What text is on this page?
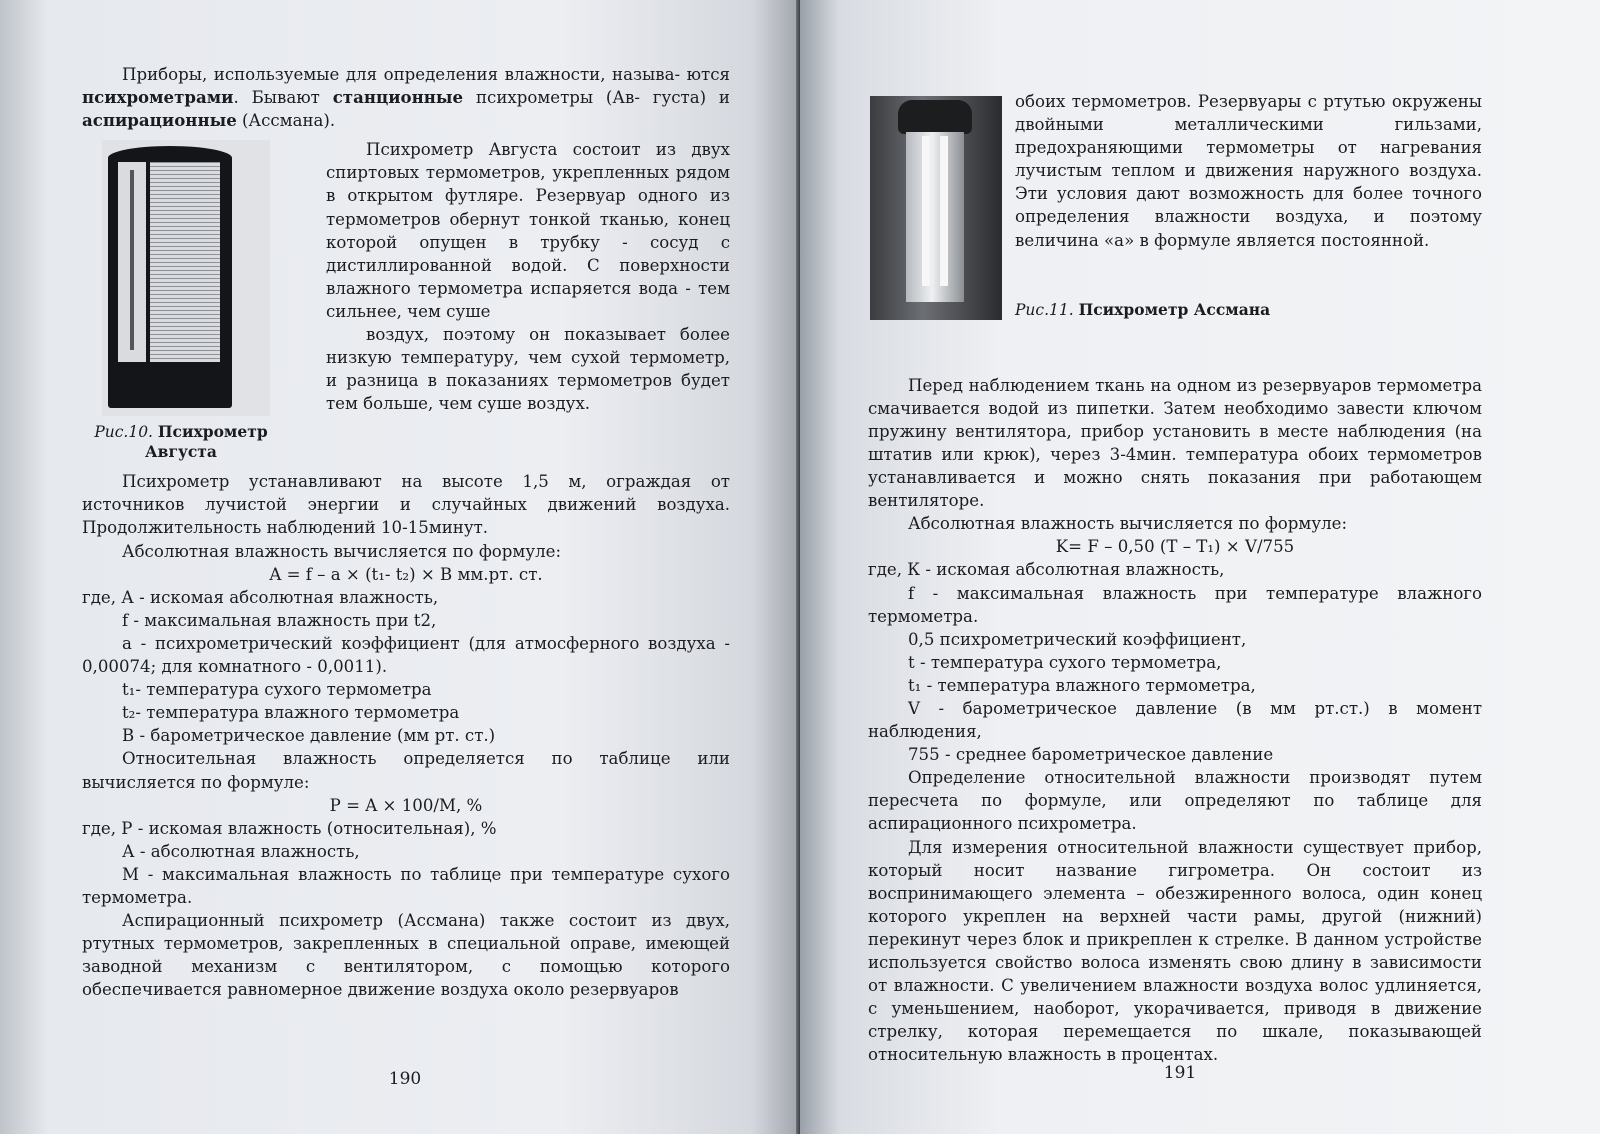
Приборы, используемые для определения влажности, называ- ются психрометрами. Бывают станционные психрометры (Ав- густа) и аспирационные (Ассмана).

Рис.10. Психрометр
Августа

Психрометр Августа состоит из двух спиртовых термометров, укрепленных рядом в открытом футляре. Резервуар одного из термометров обернут тонкой тканью, конец которой опущен в трубку - сосуд с дистиллированной водой. С поверхности влажного термометра испаряется вода - тем сильнее, чем суше

воздух, поэтому он показывает более низкую температуру, чем сухой термометр, и разница в показаниях термометров будет тем больше, чем суше воздух.

Психрометр устанавливают на высоте 1,5 м, ограждая от источников лучистой энергии и случайных движений воздуха. Продолжительность наблюдений 10-15минут.

Абсолютная влажность вычисляется по формуле:

A = f – a × (t₁- t₂) × B мм.рт. ст.

где, А - искомая абсолютная влажность,

f - максимальная влажность при t2,

а - психрометрический коэффициент (для атмосферного воздуха - 0,00074; для комнатного - 0,0011).

t₁- температура сухого термометра

t₂- температура влажного термометра

В - барометрическое давление (мм рт. ст.)

Относительная влажность определяется по таблице или вычисляется по формуле:

P = A × 100/M, %

где, Р - искомая влажность (относительная), %

А - абсолютная влажность,

М - максимальная влажность по таблице при температуре сухого термометра.

Аспирационный психрометр (Ассмана) также состоит из двух, ртутных термометров, закрепленных в специальной оправе, имеющей заводной механизм с вентилятором, с помощью которого обеспечивается равномерное движение воздуха около резервуаров

190

обоих термометров. Резервуары с ртутью окружены двойными металлическими гильзами, предохраняющими термометры от нагревания лучистым теплом и движения наружного воздуха. Эти условия дают возможность для более точного определения влажности воздуха, и поэтому величина «а» в формуле является постоянной.

Перед наблюдением ткань на одном из резервуаров термометра смачивается водой из пипетки. Затем необходимо завести ключом пружину вентилятора, прибор установить в месте наблюдения (на штатив или крюк), через 3-4мин. температура обоих термометров устанавливается и можно снять показания при работающем вентиляторе.

Абсолютная влажность вычисляется по формуле:

K= F – 0,50 (T – T₁) × V/755

где, К - искомая абсолютная влажность,

f - максимальная влажность при температуре влажного термометра.

0,5 психрометрический коэффициент,

t - температура сухого термометра,

t₁ - температура влажного термометра,

V - барометрическое давление (в мм рт.ст.) в момент наблюдения,

755 - среднее барометрическое давление

Определение относительной влажности производят путем пересчета по формуле, или определяют по таблице для аспирационного психрометра.

Для измерения относительной влажности существует прибор, который носит название гигрометра. Он состоит из воспринимающего элемента – обезжиренного волоса, один конец которого укреплен на верхней части рамы, другой (нижний) перекинут через блок и прикреплен к стрелке. В данном устройстве используется свойство волоса изменять свою длину в зависимости от влажности. С увеличением влажности воздуха волос удлиняется, с уменьшением, наоборот, укорачивается, приводя в движение стрелку, которая перемещается по шкале, показывающей относительную влажность в процентах.

191
Рис.11. Психрометр Ассмана
